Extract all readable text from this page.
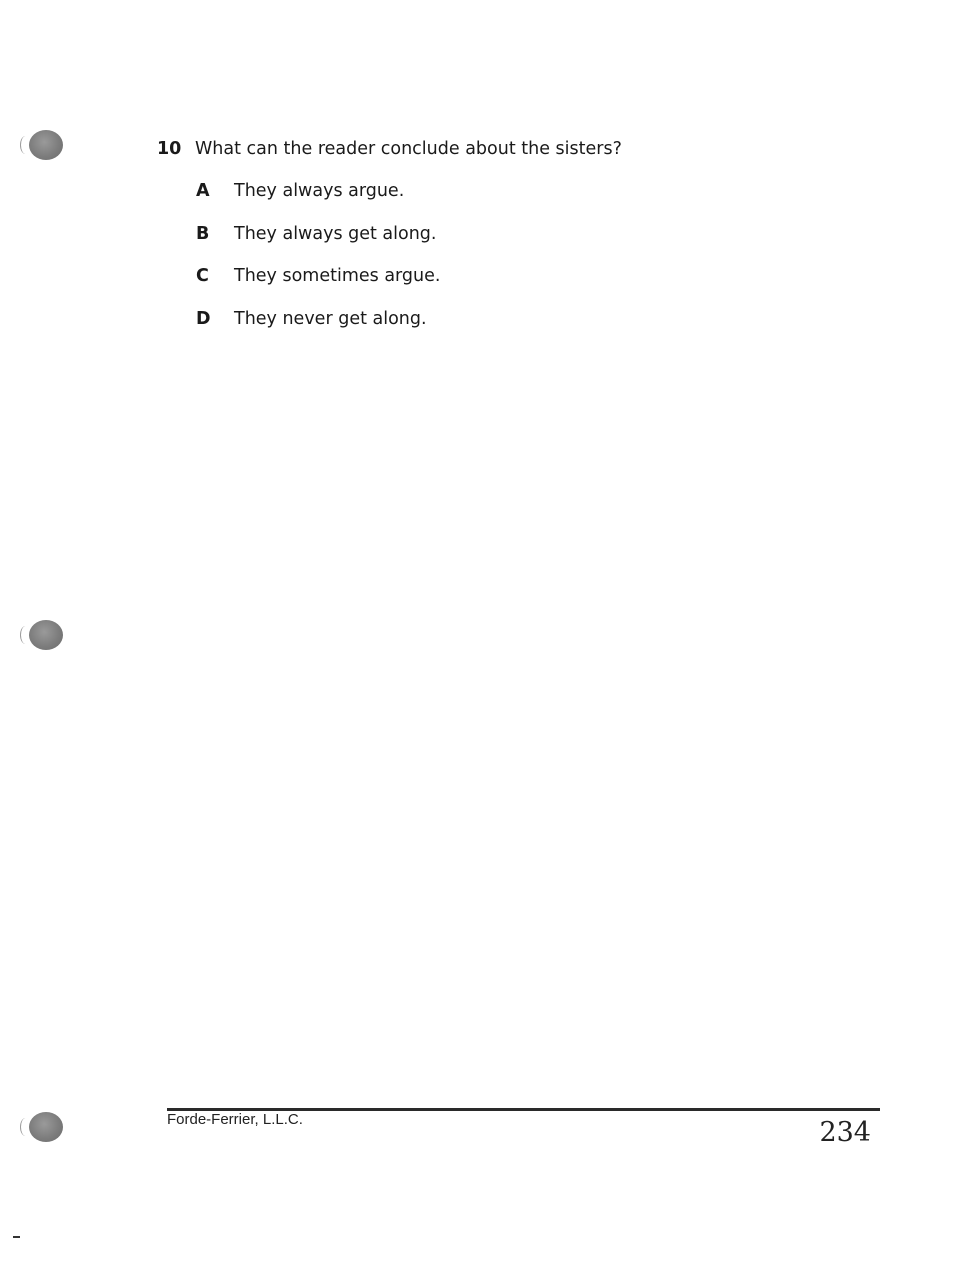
10 What can the reader conclude about the sisters?
A They always argue.
B They always get along.
C They sometimes argue.
D They never get along.
Forde-Ferrier, L.L.C.	234
